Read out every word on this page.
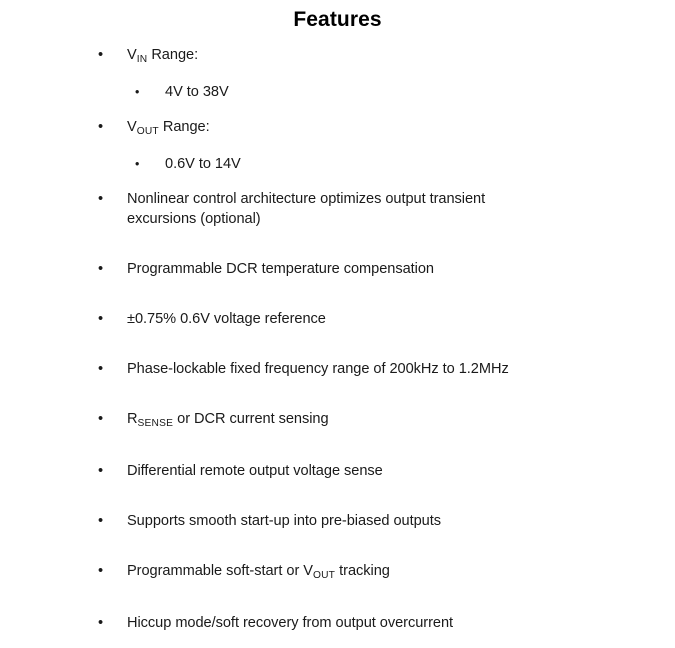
Features
•	$V_{IN}$ Range:
•	4V to 38V
•	$V_{OUT}$ Range:
•	0.6V to 14V
•	Nonlinear control architecture optimizes output transient
excursions (optional)
•	Programmable DCR temperature compensation
•	±0.75% 0.6V voltage reference
•	Phase-lockable fixed frequency range of 200kHz to 1.2MHz
•	$R_{SENSE}$ or DCR current sensing
•	Differential remote output voltage sense
•	Supports smooth start-up into pre-biased outputs
•	Programmable soft-start or $V_{OUT}$ tracking
•	Hiccup mode/soft recovery from output overcurrent
